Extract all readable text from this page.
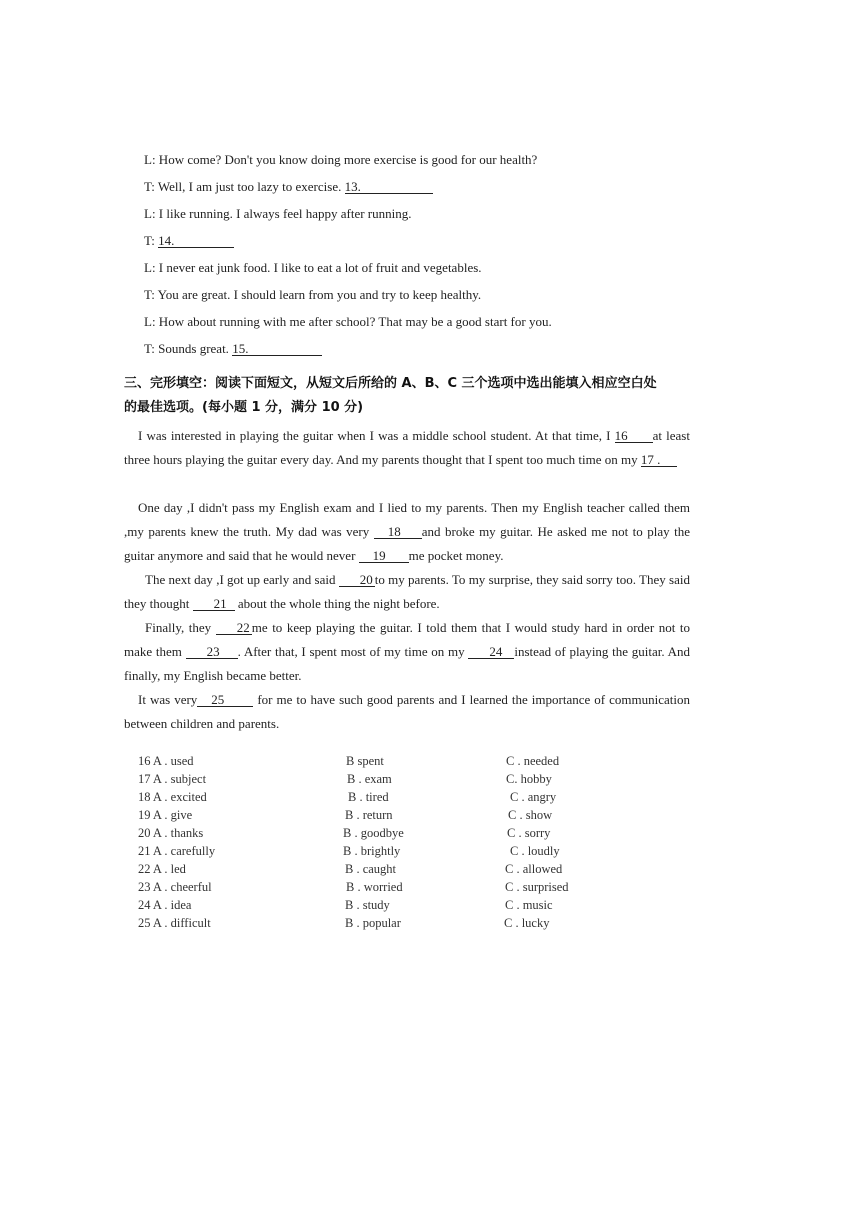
L: How come? Don't you know doing more exercise is good for our health?
T: Well, I am just too lazy to exercise. 13.
L: I like running. I always feel happy after running.
T: 14.
L: I never eat junk food. I like to eat a lot of fruit and vegetables.
T: You are great. I should learn from you and try to keep healthy.
L: How about running with me after school? That may be a good start for you.
T: Sounds great. 15.
三、完形填空：阅读下面短文，从短文后所给的 A、B、C 三个选项中选出能填入相应空白处
的最佳选项。(每小题 1 分，满分 10 分)
I was interested in playing the guitar when I was a middle school student. At that time, I 16at least three hours playing the guitar every day. And my parents thought that I spent too much time on my 17 .
One day ,I didn't pass my English exam and I lied to my parents. Then my English teacher called them ,my parents knew the truth. My dad was very 18and broke my guitar. He asked me not to play the guitar anymore and said that he would never 19me pocket money.
The next day ,I got up early and said 20to my parents. To my surprise, they said sorry too. They said they thought 21 about the whole thing the night before.
Finally, they 22me to keep playing the guitar. I told them that I would study hard in order not to make them 23. After that, I spent most of my time on my 24instead of playing the guitar. And finally, my English became better.
It was very25 for me to have such good parents and I learned the importance of communication between children and parents.
16 A . used	B spent	C . needed
17 A . subject	B . exam	C. hobby
18 A . excited	B . tired	C . angry
19 A . give	B . return	C . show
20 A . thanks	B . goodbye	C . sorry
21 A . carefully	B . brightly	C . loudly
22 A . led	B . caught	C . allowed
23 A . cheerful	B . worried	C . surprised
24 A . idea	B . study	C . music
25 A . difficult	B . popular	C . lucky
